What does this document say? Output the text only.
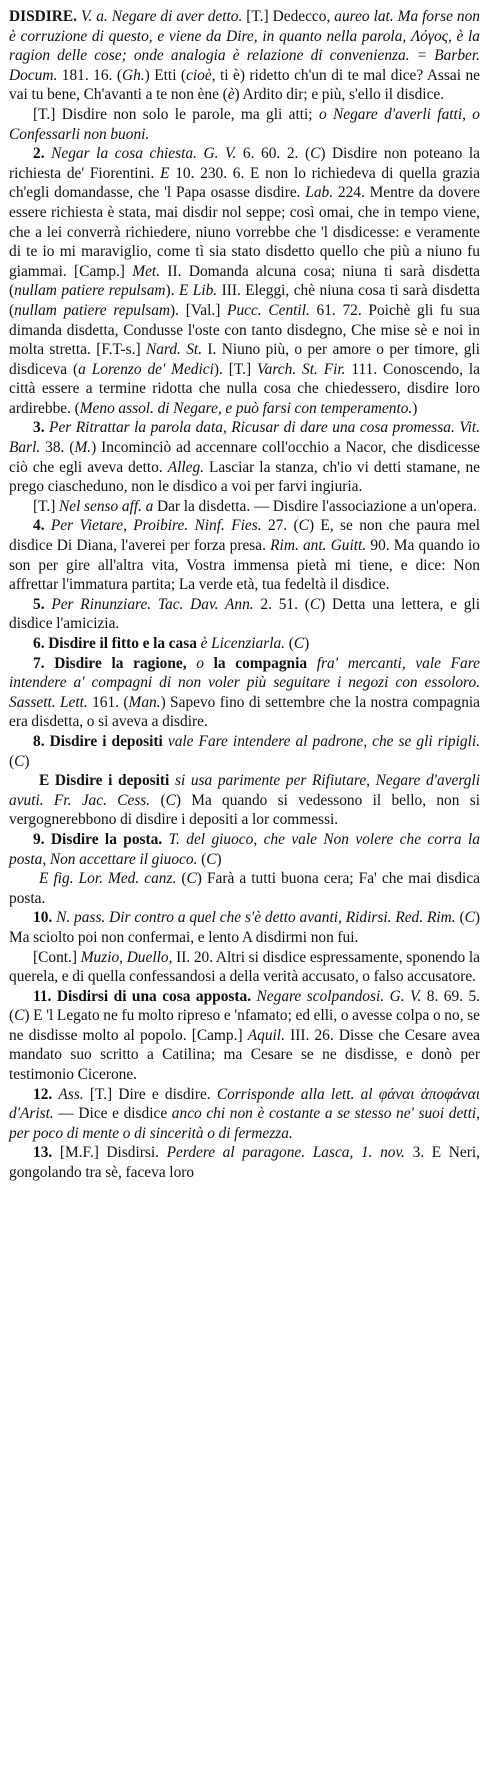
DISDIRE. V. a. Negare di aver detto. [T.] Dedecco, aureo lat. Ma forse non è corruzione di questo, e viene da Dire, in quanto nella parola, Λόγος, è la ragion delle cose; onde analogia è relazione di convenienza. = Barber. Docum. 181. 16. (Gh.) Etti (cioè, ti è) ridetto ch'un di te mal dice? Assai ne vai tu bene, Ch'avanti a te non ène (è) Ardito dir; e più, s'ello il disdice.
[T.] Disdire non solo le parole, ma gli atti; o Negare d'averli fatti, o Confessarli non buoni.
2. Negar la cosa chiesta. G. V. 6. 60. 2. (C) Disdire non poteano la richiesta de' Fiorentini. E 10. 230. 6. E non lo richiedeva di quella grazia ch'egli domandasse, che 'l Papa osasse disdire. Lab. 224. Mentre da dovere essere richiesta è stata, mai disdir nol seppe; così omai, che in tempo viene, che a lei converrà richiedere, niuno vorrebbe che 'l disdicesse: e veramente di te io mi maraviglio, come tì sia stato disdetto quello che più a niuno fu giammai. [Camp.] Met. II. Domanda alcuna cosa; niuna ti sarà disdetta (nullam patiere repulsam). E Lib. III. Eleggi, chè niuna cosa ti sarà disdetta (nullam patiere repulsam). [Val.] Pucc. Centil. 61. 72. Poichè gli fu sua dimanda disdetta, Condusse l'oste con tanto disdegno, Che mise sè e noi in molta stretta. [F.T-s.] Nard. St. I. Niuno più, o per amore o per timore, gli disdiceva (a Lorenzo de' Medici). [T.] Varch. St. Fir. 111. Conoscendo, la città essere a termine ridotta che nulla cosa che chiedessero, disdire loro ardirebbe. (Meno assol. di Negare, e può farsi con temperamento.)
3. Per Ritrattar la parola data, Ricusar di dare una cosa promessa. Vit. Barl. 38. (M.) Incominciò ad accennare coll'occhio a Nacor, che disdicesse ciò che egli aveva detto. Alleg. Lasciar la stanza, ch'io vi detti stamane, ne prego ciascheduno, non le disdico a voi per farvi ingiuria.
[T.] Nel senso aff. a Dar la disdetta. — Disdire l'associazione a un'opera.
4. Per Vietare, Proibire. Ninf. Fies. 27. (C) E, se non che paura mel disdice Di Diana, l'averei per forza presa. Rim. ant. Guitt. 90. Ma quando io son per gire all'altra vita, Vostra immensa pietà mi tiene, e dice: Non affrettar l'immatura partita; La verde età, tua fedeltà il disdice.
5. Per Rinunziare. Tac. Dav. Ann. 2. 51. (C) Detta una lettera, e gli disdice l'amicizia.
6. Disdire il fitto e la casa è Licenziarla. (C)
7. Disdire la ragione, o la compagnia fra' mercanti, vale Fare intendere a' compagni di non voler più seguitare i negozi con essoloro. Sassett. Lett. 161. (Man.) Sapevo fino di settembre che la nostra compagnia era disdetta, o si aveva a disdire.
8. Disdire i depositi vale Fare intendere al padrone, che se gli ripigli. (C)
E Disdire i depositi si usa parimente per Rifiutare, Negare d'avergli avuti. Fr. Jac. Cess. (C) Ma quando si vedessono il bello, non si vergognerebbono di disdire i depositi a lor commessi.
9. Disdire la posta. T. del giuoco, che vale Non volere che corra la posta, Non accettare il giuoco. (C)
E fig. Lor. Med. canz. (C) Farà a tutti buona cera; Fa' che mai disdica posta.
10. N. pass. Dir contro a quel che s'è detto avanti, Ridirsi. Red. Rim. (C) Ma sciolto poi non confermai, e lento A disdirmi non fui.
[Cont.] Muzio, Duello, II. 20. Altri si disdice espressamente, sponendo la querela, e di quella confessandosi a della verità accusato, o falso accusatore.
11. Disdirsi di una cosa apposta. Negare scolpandosi. G. V. 8. 69. 5. (C) E 'l Legato ne fu molto ripreso e 'nfamato; ed elli, o avesse colpa o no, se ne disdisse molto al popolo. [Camp.] Aquil. III. 26. Disse che Cesare avea mandato suo scritto a Catilina; ma Cesare se ne disdisse, e donò per testimonio Cicerone.
12. Ass. [T.] Dire e disdire. Corrisponde alla lett. al φάναι ἀποφάναι d'Arist. — Dice e disdice anco chi non è costante a se stesso ne' suoi detti, per poco di mente o di sincerità o di fermezza.
13. [M.F.] Disdirsi. Perdere al paragone. Lasca, 1. nov. 3. E Neri, gongolando tra sè, faceva loro
